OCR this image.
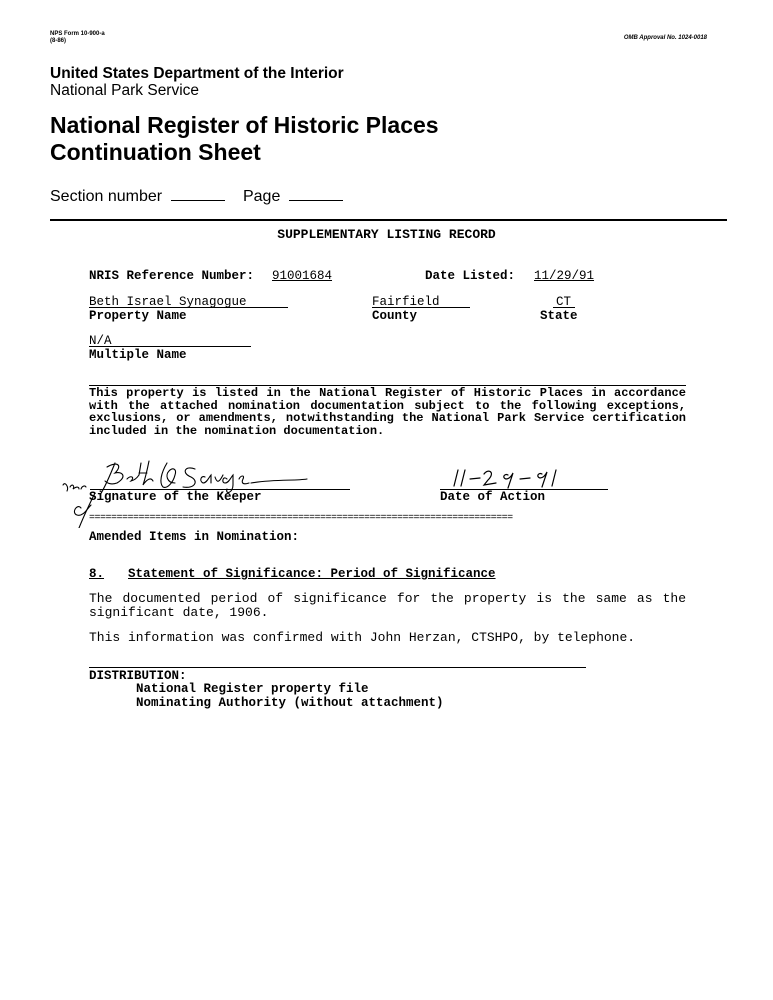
NPS Form 10-900-a
(8-86)	OMB Approval No. 1024-0018
United States Department of the Interior
National Park Service
National Register of Historic Places
Continuation Sheet
Section number	Page
SUPPLEMENTARY LISTING RECORD
NRIS Reference Number: 91001684	Date Listed: 11/29/91
Beth Israel Synagogue
Property Name
Fairfield
County
CT
State
N/A
Multiple Name
This property is listed in the National Register of Historic Places in accordance with the attached nomination documentation subject to the following exceptions, exclusions, or amendments, notwithstanding the National Park Service certification included in the nomination documentation.
Signature of the Keeper	Date of Action
=============================================================================
Amended Items in Nomination:
8. Statement of Significance: Period of Significance
The documented period of significance for the property is the same as the significant date, 1906.
This information was confirmed with John Herzan, CTSHPO, by telephone.
DISTRIBUTION:
National Register property file
Nominating Authority (without attachment)
